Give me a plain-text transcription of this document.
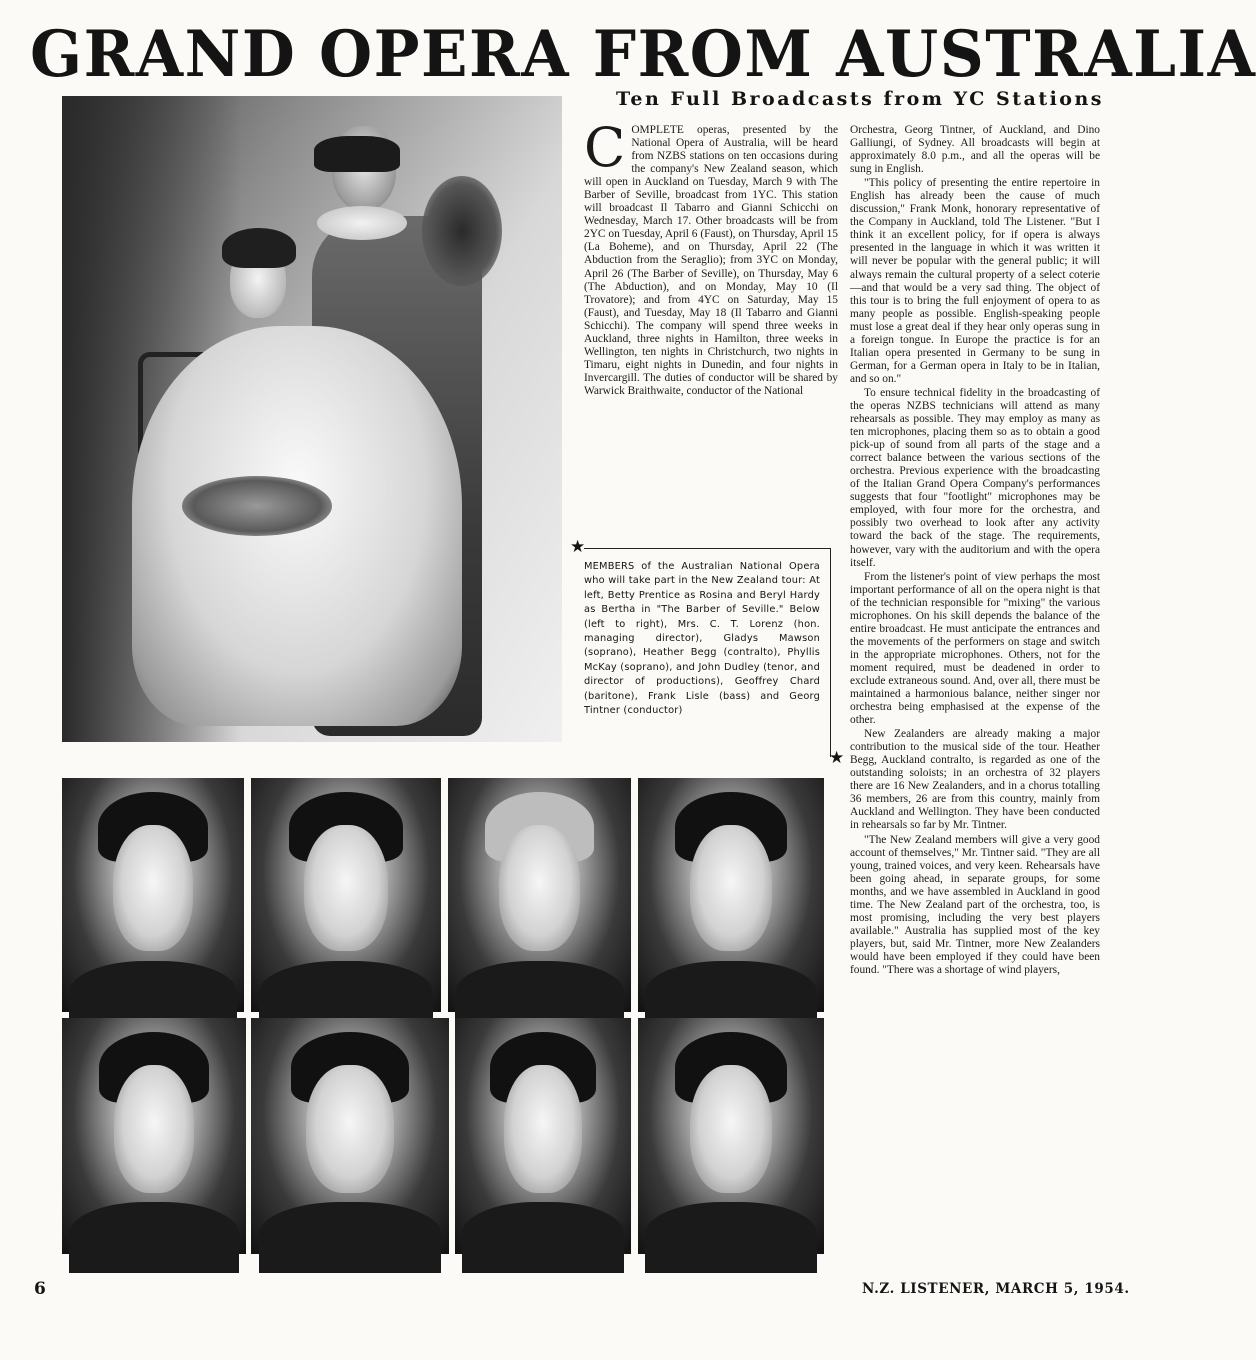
GRAND OPERA FROM AUSTRALIA
Ten Full Broadcasts from YC Stations
C OMPLETE operas, presented by the National Opera of Australia, will be heard from NZBS stations on ten occasions during the company's New Zealand season, which will open in Auckland on Tuesday, March 9 with The Barber of Seville, broadcast from 1YC. This station will broadcast Il Tabarro and Gianni Schicchi on Wednesday, March 17. Other broadcasts will be from 2YC on Tuesday, April 6 (Faust), on Thursday, April 15 (La Boheme), and on Thursday, April 22 (The Abduction from the Seraglio); from 3YC on Monday, April 26 (The Barber of Seville), on Thursday, May 6 (The Abduction), and on Monday, May 10 (Il Trovatore); and from 4YC on Saturday, May 15 (Faust), and Tuesday, May 18 (Il Tabarro and Gianni Schicchi). The company will spend three weeks in Auckland, three nights in Hamilton, three weeks in Wellington, ten nights in Christchurch, two nights in Timaru, eight nights in Dunedin, and four nights in Invercargill. The duties of conductor will be shared by Warwick Braithwaite, conductor of the National

★
★
MEMBERS of the Australian National Opera who will take part in the New Zealand tour: At left, Betty Prentice as Rosina and Beryl Hardy as Bertha in "The Barber of Seville." Below (left to right), Mrs. C. T. Lorenz (hon. managing director), Gladys Mawson (soprano), Heather Begg (contralto), Phyllis McKay (soprano), and John Dudley (tenor, and director of productions), Geoffrey Chard (baritone), Frank Lisle (bass) and Georg Tintner (conductor)

Orchestra, Georg Tintner, of Auckland, and Dino Galliungi, of Sydney. All broadcasts will begin at approximately 8.0 p.m., and all the operas will be sung in English.

"This policy of presenting the entire repertoire in English has already been the cause of much discussion," Frank Monk, honorary representative of the Company in Auckland, told The Listener. "But I think it an excellent policy, for if opera is always presented in the language in which it was written it will never be popular with the general public; it will always remain the cultural property of a select coterie—and that would be a very sad thing. The object of this tour is to bring the full enjoyment of opera to as many people as possible. English-speaking people must lose a great deal if they hear only operas sung in a foreign tongue. In Europe the practice is for an Italian opera presented in Germany to be sung in German, for a German opera in Italy to be in Italian, and so on."

To ensure technical fidelity in the broadcasting of the operas NZBS technicians will attend as many rehearsals as possible. They may employ as many as ten microphones, placing them so as to obtain a good pick-up of sound from all parts of the stage and a correct balance between the various sections of the orchestra. Previous experience with the broadcasting of the Italian Grand Opera Company's performances suggests that four "footlight" microphones may be employed, with four more for the orchestra, and possibly two overhead to look after any activity toward the back of the stage. The requirements, however, vary with the auditorium and with the opera itself.

From the listener's point of view perhaps the most important performance of all on the opera night is that of the technician responsible for "mixing" the various microphones. On his skill depends the balance of the entire broadcast. He must anticipate the entrances and the movements of the performers on stage and switch in the appropriate microphones. Others, not for the moment required, must be deadened in order to exclude extraneous sound. And, over all, there must be maintained a harmonious balance, neither singer nor orchestra being emphasised at the expense of the other.

New Zealanders are already making a major contribution to the musical side of the tour. Heather Begg, Auckland contralto, is regarded as one of the outstanding soloists; in an orchestra of 32 players there are 16 New Zealanders, and in a chorus totalling 36 members, 26 are from this country, mainly from Auckland and Wellington. They have been conducted in rehearsals so far by Mr. Tintner.

"The New Zealand members will give a very good account of themselves," Mr. Tintner said. "They are all young, trained voices, and very keen. Rehearsals have been going ahead, in separate groups, for some months, and we have assembled in Auckland in good time. The New Zealand part of the orchestra, too, is most promising, including the very best players available." Australia has supplied most of the key players, but, said Mr. Tintner, more New Zealanders would have been employed if they could have been found. "There was a shortage of wind players,

6	N.Z. LISTENER, MARCH 5, 1954.
